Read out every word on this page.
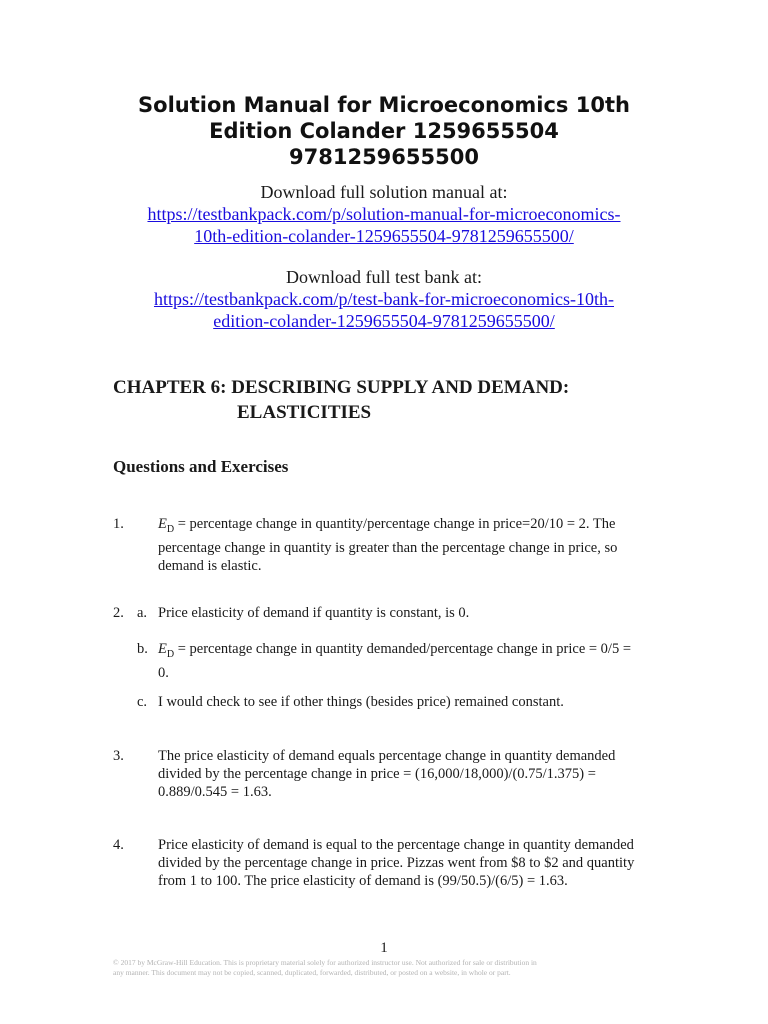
Solution Manual for Microeconomics 10th
Edition Colander 1259655504
9781259655500
Download full solution manual at:
https://testbankpack.com/p/solution-manual-for-microeconomics-
10th-edition-colander-1259655504-9781259655500/
Download full test bank at:
https://testbankpack.com/p/test-bank-for-microeconomics-10th-
edition-colander-1259655504-9781259655500/
CHAPTER 6: DESCRIBING SUPPLY AND DEMAND:
ELASTICITIES
Questions and Exercises
1. $E_D$ = percentage change in quantity/percentage change in price=20/10 = 2. The
percentage change in quantity is greater than the percentage change in price, so
demand is elastic.
2. a. Price elasticity of demand if quantity is constant, is 0.
b. $E_D$ = percentage change in quantity demanded/percentage change in price = 0/5 =
0.
c. I would check to see if other things (besides price) remained constant.
3. The price elasticity of demand equals percentage change in quantity demanded
divided by the percentage change in price = (16,000/18,000)/(0.75/1.375) =
0.889/0.545 = 1.63.
4. Price elasticity of demand is equal to the percentage change in quantity demanded
divided by the percentage change in price. Pizzas went from $8 to $2 and quantity
from 1 to 100. The price elasticity of demand is (99/50.5)/(6/5) = 1.63.
1
© 2017 by McGraw-Hill Education. This is proprietary material solely for authorized instructor use. Not authorized for sale or distribution in
any manner. This document may not be copied, scanned, duplicated, forwarded, distributed, or posted on a website, in whole or part.
